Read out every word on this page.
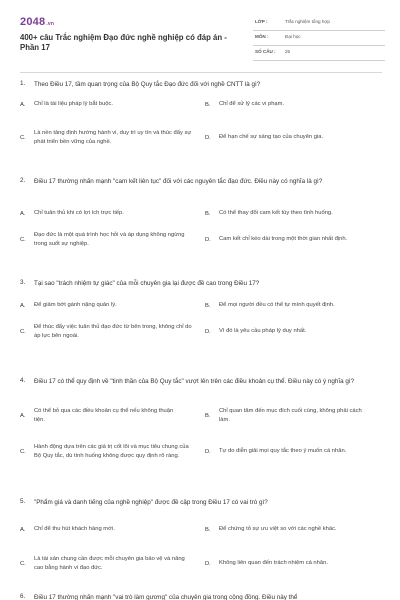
2048.vn
400+ câu Trắc nghiệm Đạo đức nghề nghiệp có đáp án - Phần 17
LỚP :	Trắc nghiệm tổng hợp
MÔN :	Đại học
SỐ CÂU : 25
1. Theo Điều 17, tầm quan trọng của Bộ Quy tắc Đạo đức đối với nghề CNTT là gì?
A.	Chỉ là tài liệu pháp lý bắt buộc.	B.	Chỉ để xử lý các vi phạm.
C.
Là nền tảng định hướng hành vi, duy trì uy tín và thúc đẩy sự phát triển bền vững của nghề.
D.	Để hạn chế sự sáng tạo của chuyên gia.
2. Điều 17 thường nhấn mạnh "cam kết liên tục" đối với các nguyên tắc đạo đức. Điều này có nghĩa là gì?
A.	Chỉ tuân thủ khi có lợi ích trực tiếp.	B.	Có thể thay đổi cam kết tùy theo tình huống.
C.
Đạo đức là một quá trình học hỏi và áp dụng không ngừng trong suốt sự nghiệp.
D.	Cam kết chỉ kéo dài trong một thời gian nhất định.
3. Tại sao "trách nhiệm tự giác" của mỗi chuyên gia lại được đề cao trong Điều 17?
A.	Để giảm bớt gánh nặng quản lý.	B.	Để mọi người đều có thể tự mình quyết định.
C.
Để thúc đẩy việc tuân thủ đạo đức từ bên trong, không chỉ do áp lực bên ngoài.
D.	Vì đó là yêu cầu pháp lý duy nhất.
4. Điều 17 có thể quy định về "tinh thần của Bộ Quy tắc" vượt lên trên các điều khoản cụ thể. Điều này có ý nghĩa gì?
A.
Có thể bỏ qua các điều khoản cụ thể nếu không thuận tiện.
B.
Chỉ quan tâm đến mục đích cuối cùng, không phải cách làm.
C.
Hành động dựa trên các giá trị cốt lõi và mục tiêu chung của Bộ Quy tắc, dù tình huống không được quy định rõ ràng.
D.	Tự do diễn giải mọi quy tắc theo ý muốn cá nhân.
5. "Phẩm giá và danh tiếng của nghề nghiệp" được đề cập trong Điều 17 có vai trò gì?
A.	Chỉ để thu hút khách hàng mới.	B.	Để chứng tỏ sự ưu việt so với các nghề khác.
C.
Là tài sản chung cần được mỗi chuyên gia bảo vệ và nâng cao bằng hành vi đạo đức.
D.	Không liên quan đến trách nhiệm cá nhân.
6. Điều 17 thường nhấn mạnh "vai trò làm gương" của chuyên gia trong cộng đồng. Điều này thể
